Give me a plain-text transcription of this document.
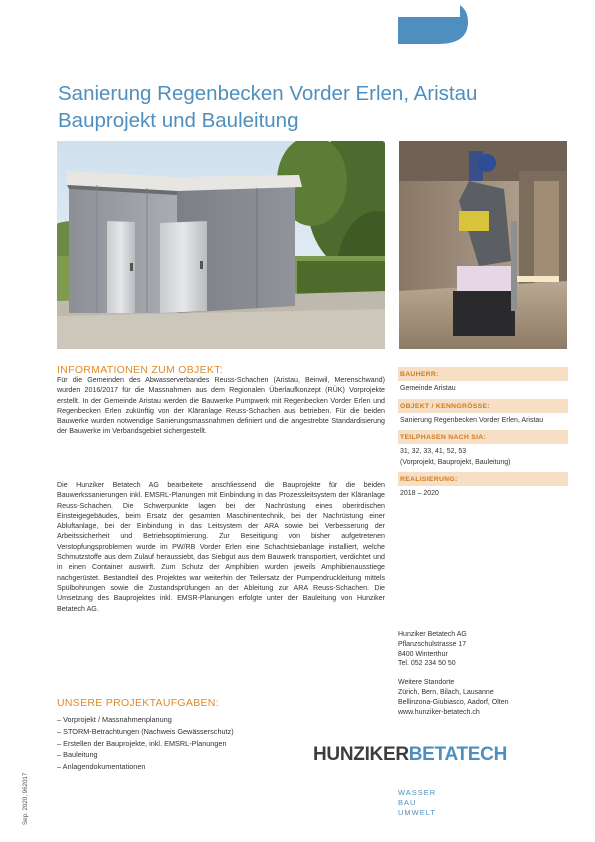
Sanierung Regenbecken Vorder Erlen, Aristau
Bauprojekt und Bauleitung
INFORMATIONEN ZUM OBJEKT:
Für die Gemeinden des Abwasserverbandes Reuss-Schachen (Aristau, Beinwil, Merenschwand) wurden 2016/2017 für die Massnahmen aus dem Regionalen Überlaufkonzept (RÜK) Vorprojekte erstellt. In der Gemeinde Aristau werden die Bauwerke Pumpwerk mit Regenbecken Vorder Erlen und Regenbecken Erlen zukünftig von der Kläranlage Reuss-Schachen aus betrieben. Für die beiden Bauwerke wurden notwendige Sanierungsmassnahmen definiert und die angestrebte Standardisierung der Bauwerke im Verbandsgebiet sichergestellt.
Die Hunziker Betatech AG bearbeitete anschliessend die Bauprojekte für die beiden Bauwerkssanierungen inkl. EMSRL-Planungen mit Einbindung in das Prozessleitsystem der Kläranlage Reuss-Schachen. Die Schwerpunkte lagen bei der Nachrüstung eines oberirdischen Einsteigegebäudes, beim Ersatz der gesamten Maschinentechnik, bei der Nachrüstung einer Abluftanlage, bei der Einbindung in das Leitsystem der ARA sowie bei Verbesserung der Arbeitssicherheit und Betriebsoptimierung. Zur Beseitigung von bisher aufgetretenen Verstopfungsproblemen wurde im PW/RB Vorder Erlen eine Schachtsiebanlage installiert, welche Schmutzstoffe aus dem Zulauf heraussiebt, das Siebgut aus dem Bauwerk transportiert, verdichtet und in einen Container auswirft. Zum Schutz der Amphibien wurden jeweils Amphibienausstiege nachgerüstet. Bestandteil des Projektes war weiterhin der Teilersatz der Pumpendruckleitung mittels Spülbohrungen sowie die Zustandsprüfungen an der Ableitung zur ARA Reuss-Schachen. Die Umsetzung des Bauprojektes inkl. EMSR-Planungen erfolgte unter der Bauleitung von Hunziker Betatech AG.
UNSERE PROJEKTAUFGABEN:
– Vorprojekt / Massnahmenplanung
– STORM-Betrachtungen (Nachweis Gewässerschutz)
– Erstellen der Bauprojekte, inkl. EMSRL-Planungen
– Bauleitung
– Anlagendokumentationen
BAUHERR:
Gemeinde Aristau
OBJEKT / KENNGRÖSSE:
Sanierung Regenbecken Vorder Erlen, Aristau
TEILPHASEN NACH SIA:
31, 32, 33, 41, 52, 53
(Vorprojekt, Bauprojekt, Bauleitung)
REALISIERUNG:
2018 – 2020
Hunziker Betatech AG
Pflanzschulstrasse 17
8400 Winterthur
Tel. 052 234 50 50
Weitere Standorte
Zürich, Bern, Bilach, Lausanne
Bellinzona-Giubiasco, Aadorf, Olten
www.hunziker-betatech.ch
HUNZIKERBETATECH
WASSER
BAU
UMWELT
Sep. 2020, 962017
